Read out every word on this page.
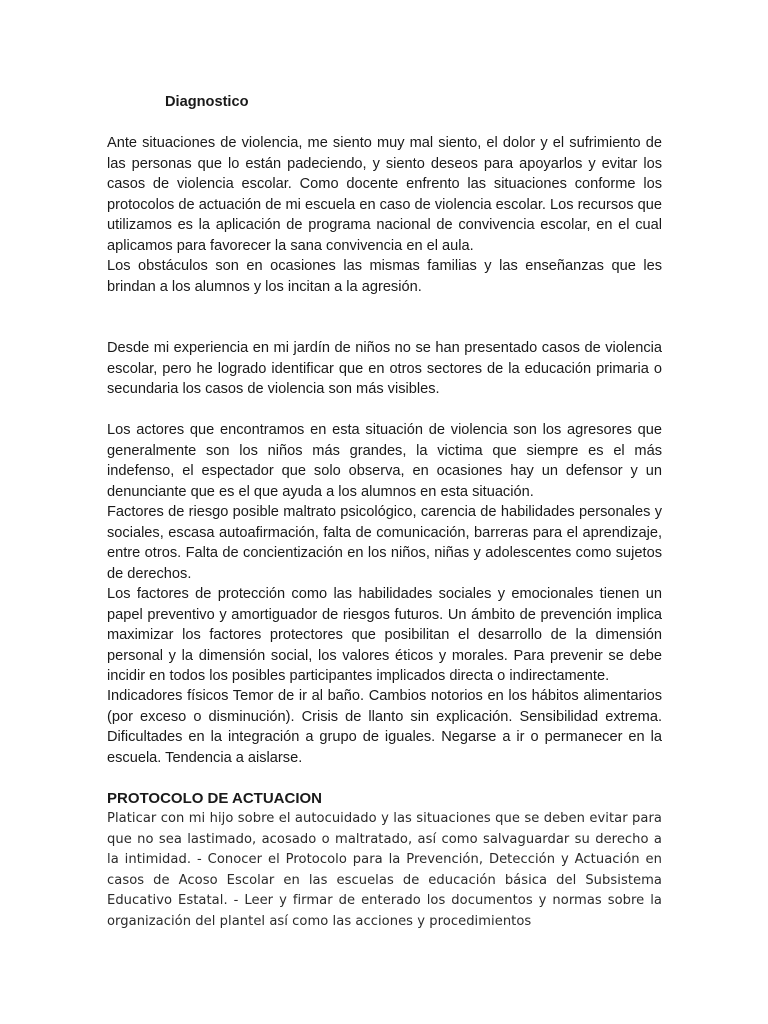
Diagnostico

Ante situaciones de violencia, me siento muy mal siento, el dolor y el sufrimiento de las personas que lo están padeciendo, y siento deseos para apoyarlos y evitar los casos de violencia escolar. Como docente enfrento las situaciones conforme los protocolos de actuación de mi escuela en caso de violencia escolar. Los recursos que utilizamos es la aplicación de programa nacional de convivencia escolar, en el cual aplicamos para favorecer la sana convivencia en el aula.

Los obstáculos son en ocasiones las mismas familias y las enseñanzas que les brindan a los alumnos y los incitan a la agresión.

Desde mi experiencia en mi jardín de niños no se han presentado casos de violencia escolar, pero he logrado identificar que en otros sectores de la educación primaria o secundaria los casos de violencia son más visibles.

Los actores que encontramos en esta situación de violencia son los agresores que generalmente son los niños más grandes, la victima que siempre es el más indefenso, el espectador que solo observa, en ocasiones hay un defensor y un denunciante que es el que ayuda a los alumnos en esta situación.

Factores de riesgo posible maltrato psicológico, carencia de habilidades personales y sociales, escasa autoafirmación, falta de comunicación, barreras para el aprendizaje, entre otros. Falta de concientización en los niños, niñas y adolescentes como sujetos de derechos.

Los factores de protección como las habilidades sociales y emocionales tienen un papel preventivo y amortiguador de riesgos futuros. Un ámbito de prevención implica maximizar los factores protectores que posibilitan el desarrollo de la dimensión personal y la dimensión social, los valores éticos y morales. Para prevenir se debe incidir en todos los posibles participantes implicados directa o indirectamente.

Indicadores físicos Temor de ir al baño. Cambios notorios en los hábitos alimentarios (por exceso o disminución). Crisis de llanto sin explicación. Sensibilidad extrema. Dificultades en la integración a grupo de iguales. Negarse a ir o permanecer en la escuela. Tendencia a aislarse.

PROTOCOLO DE ACTUACION

Platicar con mi hijo sobre el autocuidado y las situaciones que se deben evitar para que no sea lastimado, acosado o maltratado, así como salvaguardar su derecho a la intimidad. - Conocer el Protocolo para la Prevención, Detección y Actuación en casos de Acoso Escolar en las escuelas de educación básica del Subsistema Educativo Estatal. - Leer y firmar de enterado los documentos y normas sobre la organización del plantel así como las acciones y procedimientos
